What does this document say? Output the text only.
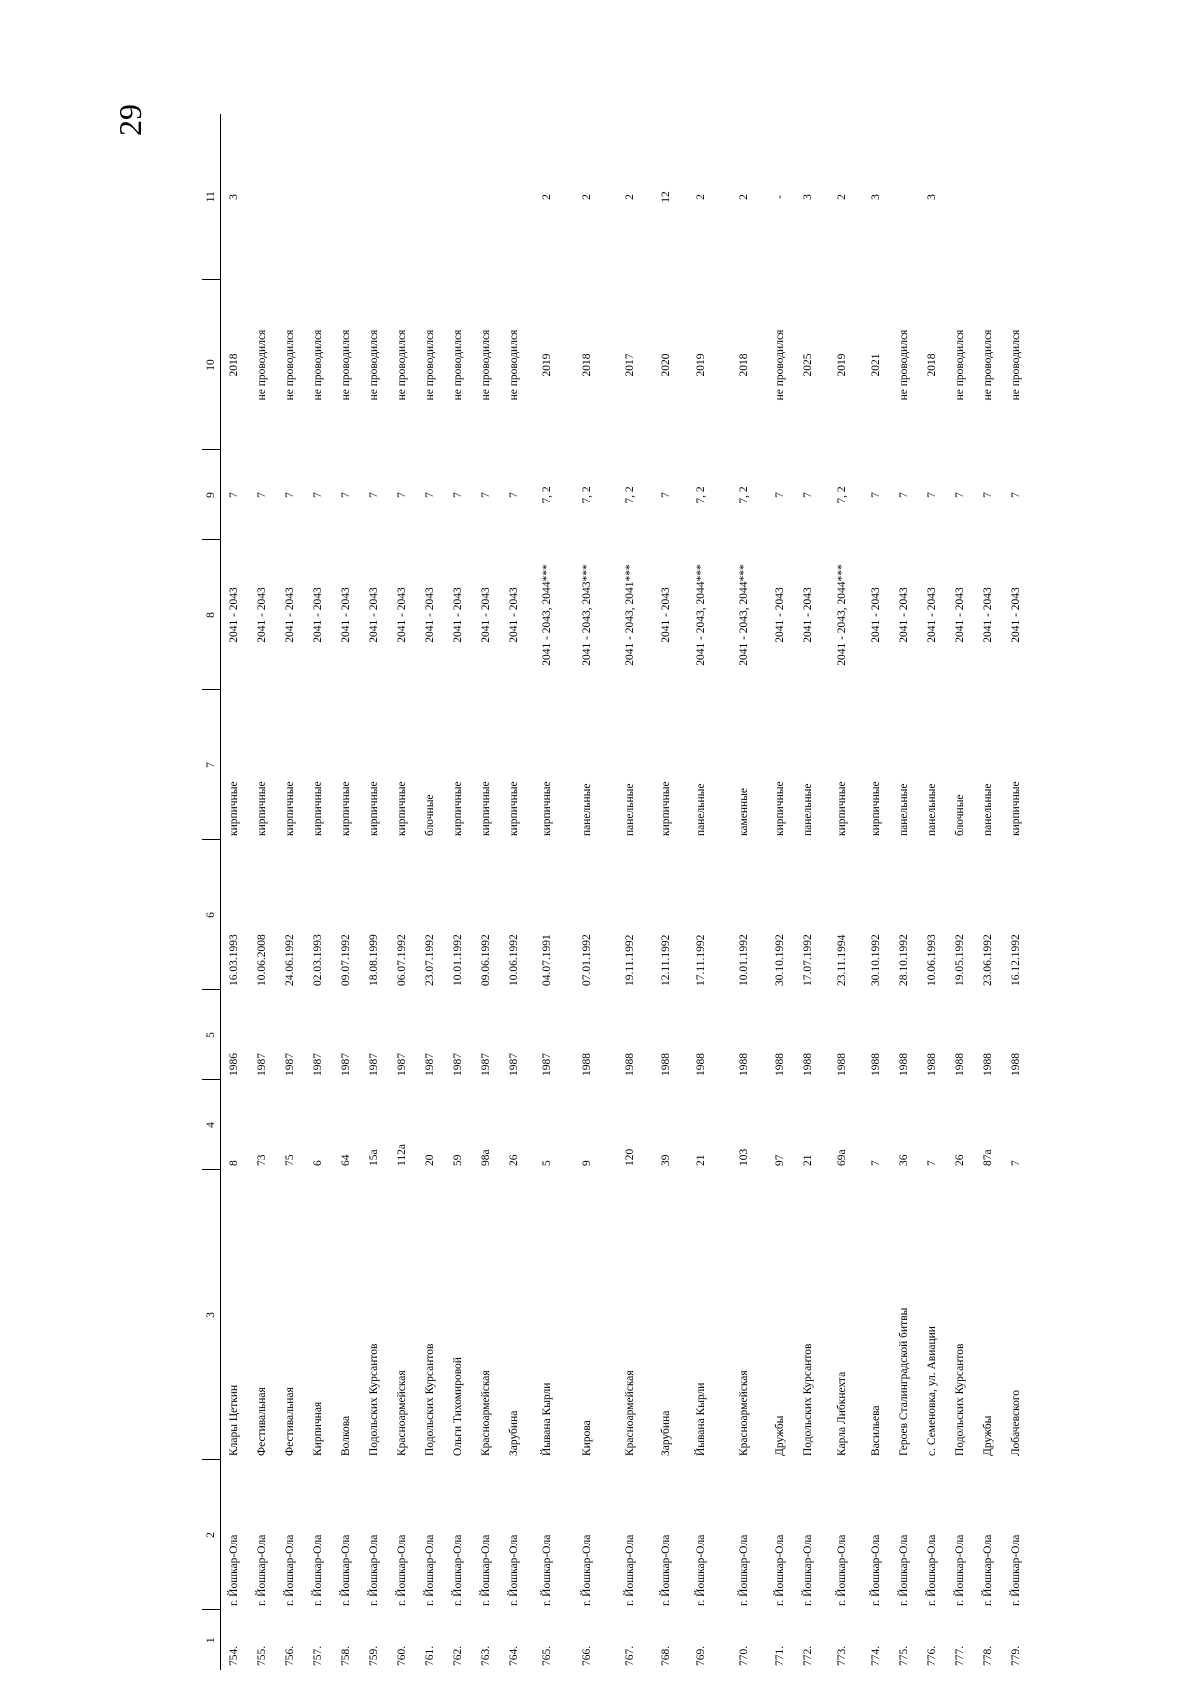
29
1	2	3	4	5	6	7	8	9	10	11
754.	г. Йошкар-Ола	Клары Цеткин	8	1986	16.03.1993	кирпичные	2041 - 2043	7	2018	3
755.	г. Йошкар-Ола	Фестивальная	73	1987	10.06.2008	кирпичные	2041 - 2043	7	не проводился	
756.	г. Йошкар-Ола	Фестивальная	75	1987	24.06.1992	кирпичные	2041 - 2043	7	не проводился	
757.	г. Йошкар-Ола	Кирпичная	6	1987	02.03.1993	кирпичные	2041 - 2043	7	не проводился	
758.	г. Йошкар-Ола	Волкова	64	1987	09.07.1992	кирпичные	2041 - 2043	7	не проводился	
759.	г. Йошкар-Ола	Подольских Курсантов	15а	1987	18.08.1999	кирпичные	2041 - 2043	7	не проводился	
760.	г. Йошкар-Ола	Красноармейская	112а	1987	06.07.1992	кирпичные	2041 - 2043	7	не проводился	
761.	г. Йошкар-Ола	Подольских Курсантов	20	1987	23.07.1992	блочные	2041 - 2043	7	не проводился	
762.	г. Йошкар-Ола	Ольги Тихомировой	59	1987	10.01.1992	кирпичные	2041 - 2043	7	не проводился	
763.	г. Йошкар-Ола	Красноармейская	98а	1987	09.06.1992	кирпичные	2041 - 2043	7	не проводился	
764.	г. Йошкар-Ола	Зарубина	26	1987	10.06.1992	кирпичные	2041 - 2043	7	не проводился	
765.	г. Йошкар-Ола	Йывана Кырли	5	1987	04.07.1991	кирпичные	2041 - 2043, 2044***	7, 2	2019	2
766.	г. Йошкар-Ола	Кирова	9	1988	07.01.1992	панельные	2041 - 2043, 2043***	7, 2	2018	2
767.	г. Йошкар-Ола	Красноармейская	120	1988	19.11.1992	панельные	2041 - 2043, 2041***	7, 2	2017	2
768.	г. Йошкар-Ола	Зарубина	39	1988	12.11.1992	кирпичные	2041 - 2043	7	2020	12
769.	г. Йошкар-Ола	Йывана Кырли	21	1988	17.11.1992	панельные	2041 - 2043, 2044***	7, 2	2019	2
770.	г. Йошкар-Ола	Красноармейская	103	1988	10.01.1992	каменные	2041 - 2043, 2044***	7, 2	2018	2
771.	г. Йошкар-Ола	Дружбы	97	1988	30.10.1992	кирпичные	2041 - 2043	7	не проводился	-
772.	г. Йошкар-Ола	Подольских Курсантов	21	1988	17.07.1992	панельные	2041 - 2043	7	2025	3
773.	г. Йошкар-Ола	Карла Либкнехта	69а	1988	23.11.1994	кирпичные	2041 - 2043, 2044***	7, 2	2019	2
774.	г. Йошкар-Ола	Васильева	7	1988	30.10.1992	кирпичные	2041 - 2043	7	2021	3
775.	г. Йошкар-Ола	Героев Сталинградской битвы	36	1988	28.10.1992	панельные	2041 - 2043	7	не проводился	
776.	г. Йошкар-Ола	с. Семеновка, ул. Авиации	7	1988	10.06.1993	панельные	2041 - 2043	7	2018	3
777.	г. Йошкар-Ола	Подольских Курсантов	26	1988	19.05.1992	блочные	2041 - 2043	7	не проводился	
778.	г. Йошкар-Ола	Дружбы	87а	1988	23.06.1992	панельные	2041 - 2043	7	не проводился	
779.	г. Йошкар-Ола	Лобачевского	7	1988	16.12.1992	кирпичные	2041 - 2043	7	не проводился	
